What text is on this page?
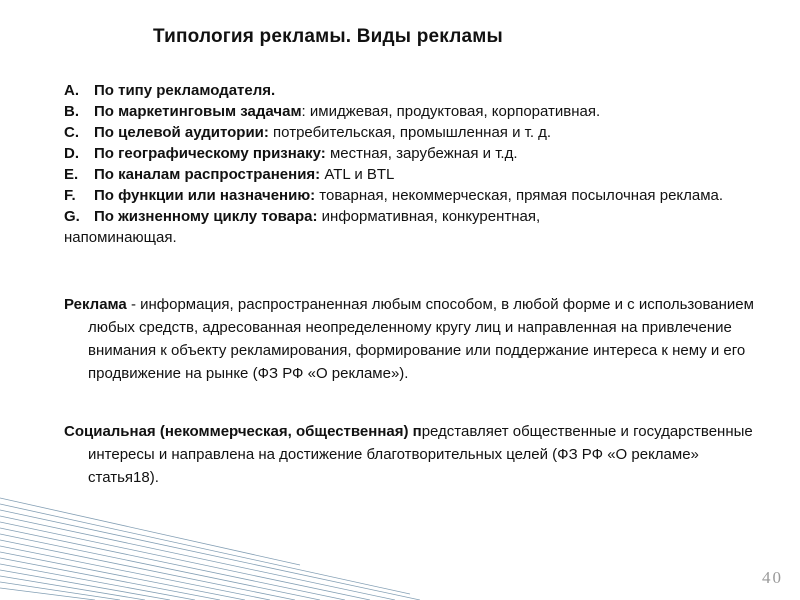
Типология рекламы. Виды рекламы
A. По типу рекламодателя.
B. По маркетинговым задачам: имиджевая, продуктовая, корпоративная.
C. По целевой аудитории: потребительская, промышленная и т. д.
D. По географическому признаку: местная, зарубежная и т.д.
E. По каналам распространения: ATL и BTL
F. По функции или назначению: товарная, некоммерческая, прямая посылочная реклама.
G. По жизненному циклу товара: информативная, конкурентная,
напоминающая.
Реклама - информация, распространенная любым способом, в любой форме и с использованием любых средств, адресованная неопределенному кругу лиц и направленная на привлечение внимания к объекту рекламирования, формирование или поддержание интереса к нему и его продвижение на рынке (ФЗ РФ «О рекламе»).
Социальная (некоммерческая, общественная) представляет общественные и государственные интересы и направлена на достижение благотворительных целей (ФЗ РФ «О рекламе» статья18).
40
